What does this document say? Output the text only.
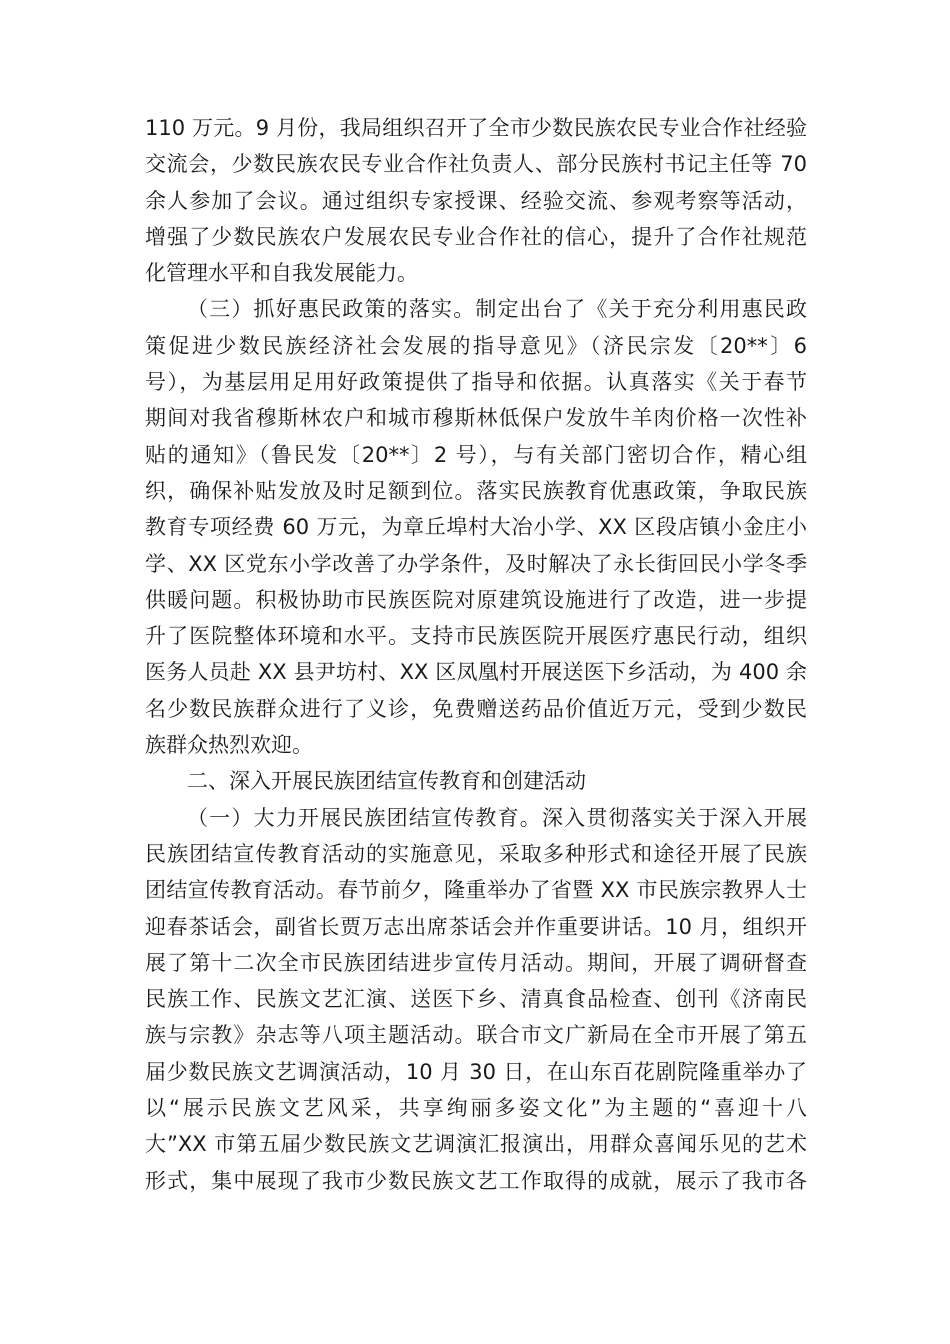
110 万元。9 月份，我局组织召开了全市少数民族农民专业合作社经验
交流会，少数民族农民专业合作社负责人、部分民族村书记主任等 70
余人参加了会议。通过组织专家授课、经验交流、参观考察等活动，
增强了少数民族农户发展农民专业合作社的信心，提升了合作社规范
化管理水平和自我发展能力。
（三）抓好惠民政策的落实。制定出台了《关于充分利用惠民政
策促进少数民族经济社会发展的指导意见》（济民宗发〔20**〕6
号），为基层用足用好政策提供了指导和依据。认真落实《关于春节
期间对我省穆斯林农户和城市穆斯林低保户发放牛羊肉价格一次性补
贴的通知》（鲁民发〔20**〕2 号），与有关部门密切合作，精心组
织，确保补贴发放及时足额到位。落实民族教育优惠政策，争取民族
教育专项经费 60 万元，为章丘埠村大冶小学、XX 区段店镇小金庄小
学、XX 区党东小学改善了办学条件，及时解决了永长街回民小学冬季
供暖问题。积极协助市民族医院对原建筑设施进行了改造，进一步提
升了医院整体环境和水平。支持市民族医院开展医疗惠民行动，组织
医务人员赴 XX 县尹坊村、XX 区凤凰村开展送医下乡活动，为 400 余
名少数民族群众进行了义诊，免费赠送药品价值近万元，受到少数民
族群众热烈欢迎。
二、深入开展民族团结宣传教育和创建活动
（一）大力开展民族团结宣传教育。深入贯彻落实关于深入开展
民族团结宣传教育活动的实施意见，采取多种形式和途径开展了民族
团结宣传教育活动。春节前夕，隆重举办了省暨 XX 市民族宗教界人士
迎春茶话会，副省长贾万志出席茶话会并作重要讲话。10 月，组织开
展了第十二次全市民族团结进步宣传月活动。期间，开展了调研督查
民族工作、民族文艺汇演、送医下乡、清真食品检查、创刊《济南民
族与宗教》杂志等八项主题活动。联合市文广新局在全市开展了第五
届少数民族文艺调演活动，10 月 30 日，在山东百花剧院隆重举办了
以“展示民族文艺风采，共享绚丽多姿文化”为主题的“喜迎十八
大”XX 市第五届少数民族文艺调演汇报演出，用群众喜闻乐见的艺术
形式，集中展现了我市少数民族文艺工作取得的成就，展示了我市各
